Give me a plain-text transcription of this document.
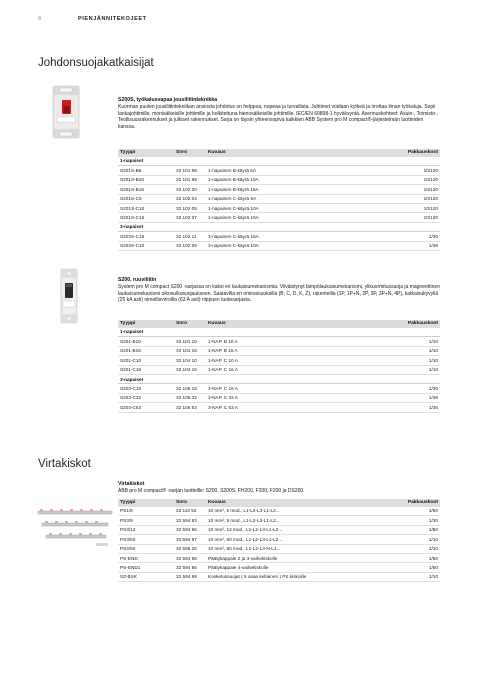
8	PIENJÄNNITEKOJEET
Johdonsuojakatkaisijat
S200S, työkalusvapaa jousiliitinteknikka
Kuorman puolen jousiliitintekniikan ansiosta johdotus on helppoa, nopeaa ja turvallista. Johtimet voidaan kytkeä ja irrottaa ilman työkaluja. Sopii lankajohtimille, monisäikeisille johtimille ja holkitettuna hienosäikeisille johtimille. IEC/EN 60898-1 hyväksyntä. Asennuskohteet: Asuin-, Toimisto-, Teollisuusrakennukset ja julkiset rakennukset. Sarja on täysin yhteensopiva kaikkien ABB System pro M compact®-järjestelmän tuotteiden kanssa.
Tyyppi	Snro	Kuvaus	Pakkauskoot
1-napaiset			
S201S-B6	32 101 98	1-napainen B-käyrä 6A	10/120
S201S-B10	32 101 99	1-napainen B-käyrä 10A	10/120
S201S-B16	32 102 00	1-napainen B-käyrä 16A	10/120
S201S-C6	32 102 04	1-napainen C-käyrä 6A	10/120
S201S-C10	32 102 05	1-napainen C-käyrä 10A	10/120
S201S-C16	32 102 07	1-napainen C-käyrä 16A	10/120
3-napaiset			
S203S-C16	32 102 11	3-napainen C-käyrä 16A	1/36
S203S-C10	32 102 09	3-napainen C-käyrä 10A	1/36
S200, ruuviliitin
System pro M compact S200 -sarjassa on kaksi eri laukaisumekanismia. Viiväistynyt lämpölaukaisumekanismi, ylikuormitussuoja ja magneettinen laukaisumekanismi oikosulkusuojaukseen. Saatavilla eri ominaisuuksilla (B, C, D, K, Z), rakenteilla (1P, 1P+N, 2P, 3P, 3P+N, 4P), katkaisukyvyllä (25 kA asti) nimellisvirroilla (63 A asti) riippuen tuotesarjasta.
Tyyppi	Snro	Kuvaus	Pakkauskoot
1-napaiset			
S201-B10	32 101 10	1-NAP. B 10 A	1/10
S201-B16	33 101 16	1-NAP. B 16 A	1/10
S201-C10	32 104 10	1-NAP. C 10 A	1/10
S201-C16	32 104 16	1-NAP. C 16 A	1/10
3-napaiset			
S203-C16	32 106 16	3-NAP. C 16 A	1/36
S203-C32	32 106 32	3-NAP. C 32 A	1/36
S203-C63	32 106 63	3-NAP. C 63 A	1/36
Virtakiskot
Virtakiskot
ABB pro M compact® -sarjan tuotteille: S200, S200S, FH200, F200, F200 ja DS200.
Tyyppi	Snro	Kuvaus	Pakkauskoot
PS1/6	32 110 52	10 mm², 6 mod., L1-L2-L3-L1-L2...	1/60
PS3/9	32 594 93	10 mm², 9 mod., L1-L2-L3-L1-L2...	1/30
PS3/12	32 594 96	10 mm², 12 mod., L1-L2-L3-L1-L2...	1/50
PS3/60	32 594 97	10 mm², 60 mod., L1-L2-L3-L1-L2...	1/10
PS4/60	32 596 26	10 mm², 60 mod., L1-L2-L3-N-L1...	1/10
PS-END	32 594 98	Päätykappale 2 ja 3-vaihekiskolle	1/50
PS-END1	32 594 95	Päätykappale 4-vaihekiskolle	1/50
SZ-BSK	32 594 99	Kosketussuojat ( 5 osaa keltainen ) PS kiskoille	1/10
